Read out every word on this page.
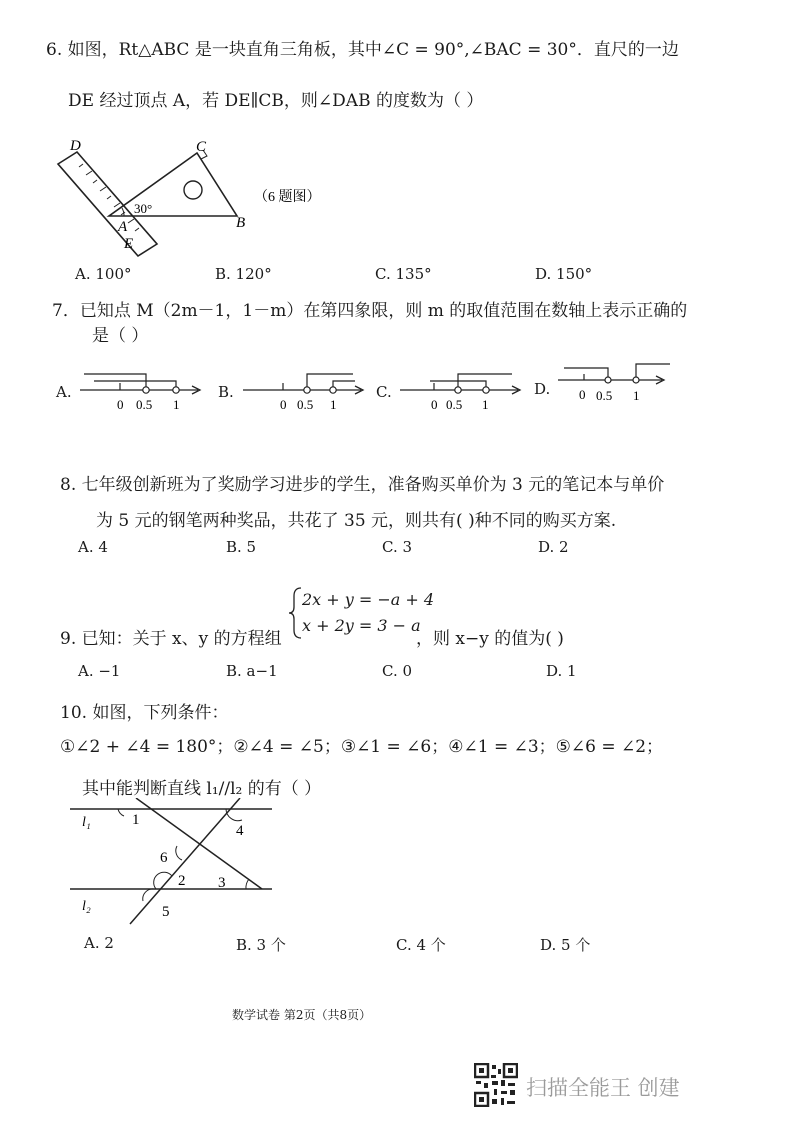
6. 如图，Rt△ABC 是一块直角三角板，其中∠C = 90°,∠BAC = 30°．直尺的一边
DE 经过顶点 A，若 DE∥CB，则∠DAB 的度数为（ ）
D	C
A
E
B
30°
（6 题图）
A. 100°	B. 120°	C. 135°	D. 150°
7．已知点 M（2m－1，1－m）在第四象限，则 m 的取值范围在数轴上表示正确的
是（ ）
A.
0 0.5 1
B.
0 0.5 1
C.
0 0.5 1
D. 0 0.5 1
8. 七年级创新班为了奖励学习进步的学生，准备购买单价为 3 元的笔记本与单价
为 5 元的钢笔两种奖品，共花了 35 元，则共有( )种不同的购买方案.
A. 4	B. 5	C. 3	D. 2
2x + y = −a + 4
x + 2y = 3 − a
9. 已知：关于 x、y 的方程组	，则 x−y 的值为( )
A. −1	B. a−1	C. 0	D. 1
10. 如图，下列条件：
①∠2 + ∠4 = 180°；②∠4 = ∠5；③∠1 = ∠6；④∠1 = ∠3；⑤∠6 = ∠2；
其中能判断直线 l₁//l₂ 的有（ ）
l₁
l₂
1
2 3
4
5
6
A. 2	B. 3 个	C. 4 个	D. 5 个
数学试卷 第2页（共8页）
扫描全能王 创建
